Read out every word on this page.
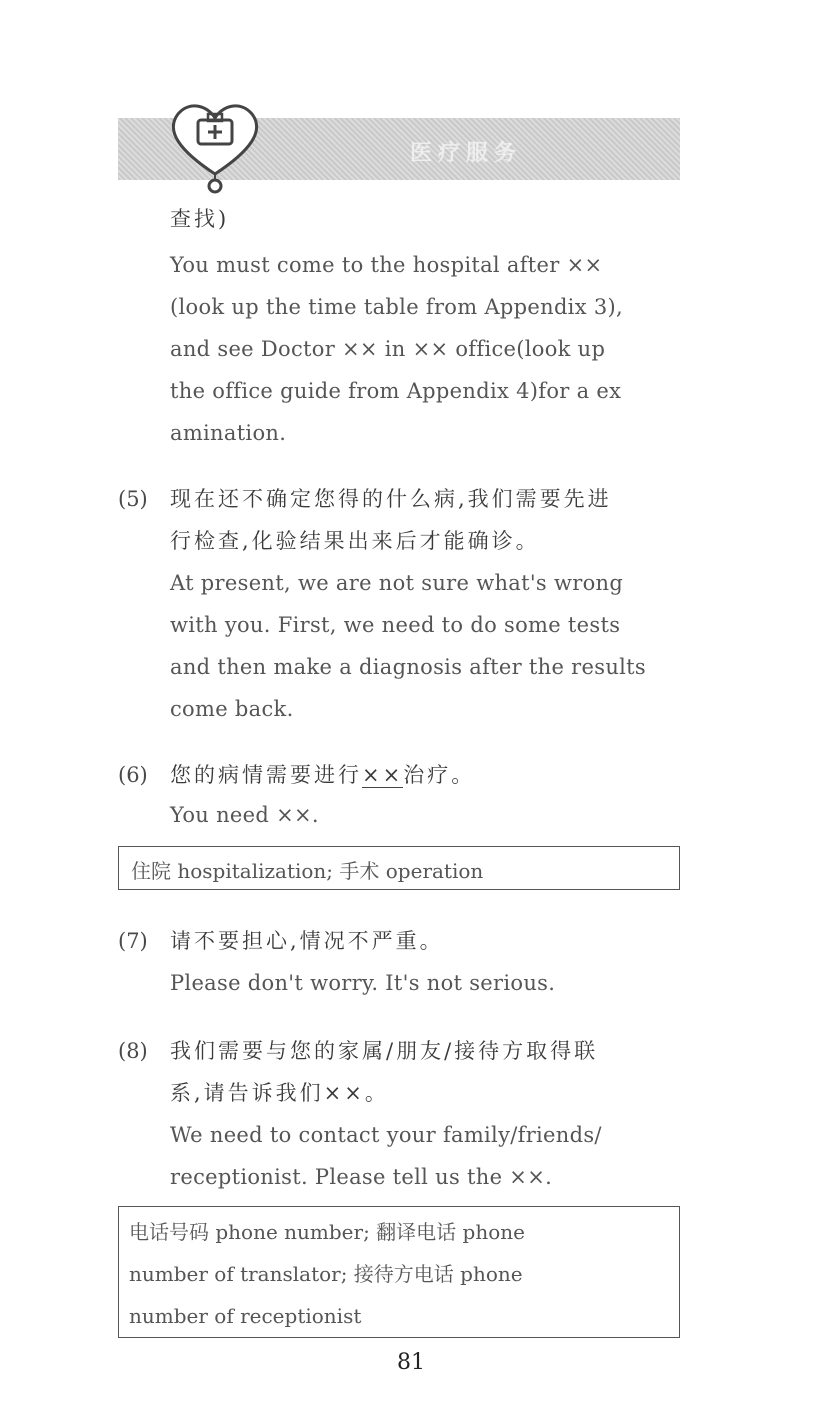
医疗服务
查找)
You must come to the hospital after ××
(look up the time table from Appendix 3),
and see Doctor ×× in ×× office(look up
the office guide from Appendix 4)for a ex
amination.
(5) 现在还不确定您得的什么病,我们需要先进
行检查,化验结果出来后才能确诊。
At present, we are not sure what's wrong
with you. First, we need to do some tests
and then make a diagnosis after the results
come back.
(6) 您的病情需要进行××治疗。
You need ××.
住院 hospitalization; 手术 operation
(7) 请不要担心,情况不严重。
Please don't worry. It's not serious.
(8) 我们需要与您的家属/朋友/接待方取得联
系,请告诉我们××。
We need to contact your family/friends/
receptionist. Please tell us the ××.
电话号码 phone number; 翻译电话 phone
number of translator; 接待方电话 phone
number of receptionist
81
